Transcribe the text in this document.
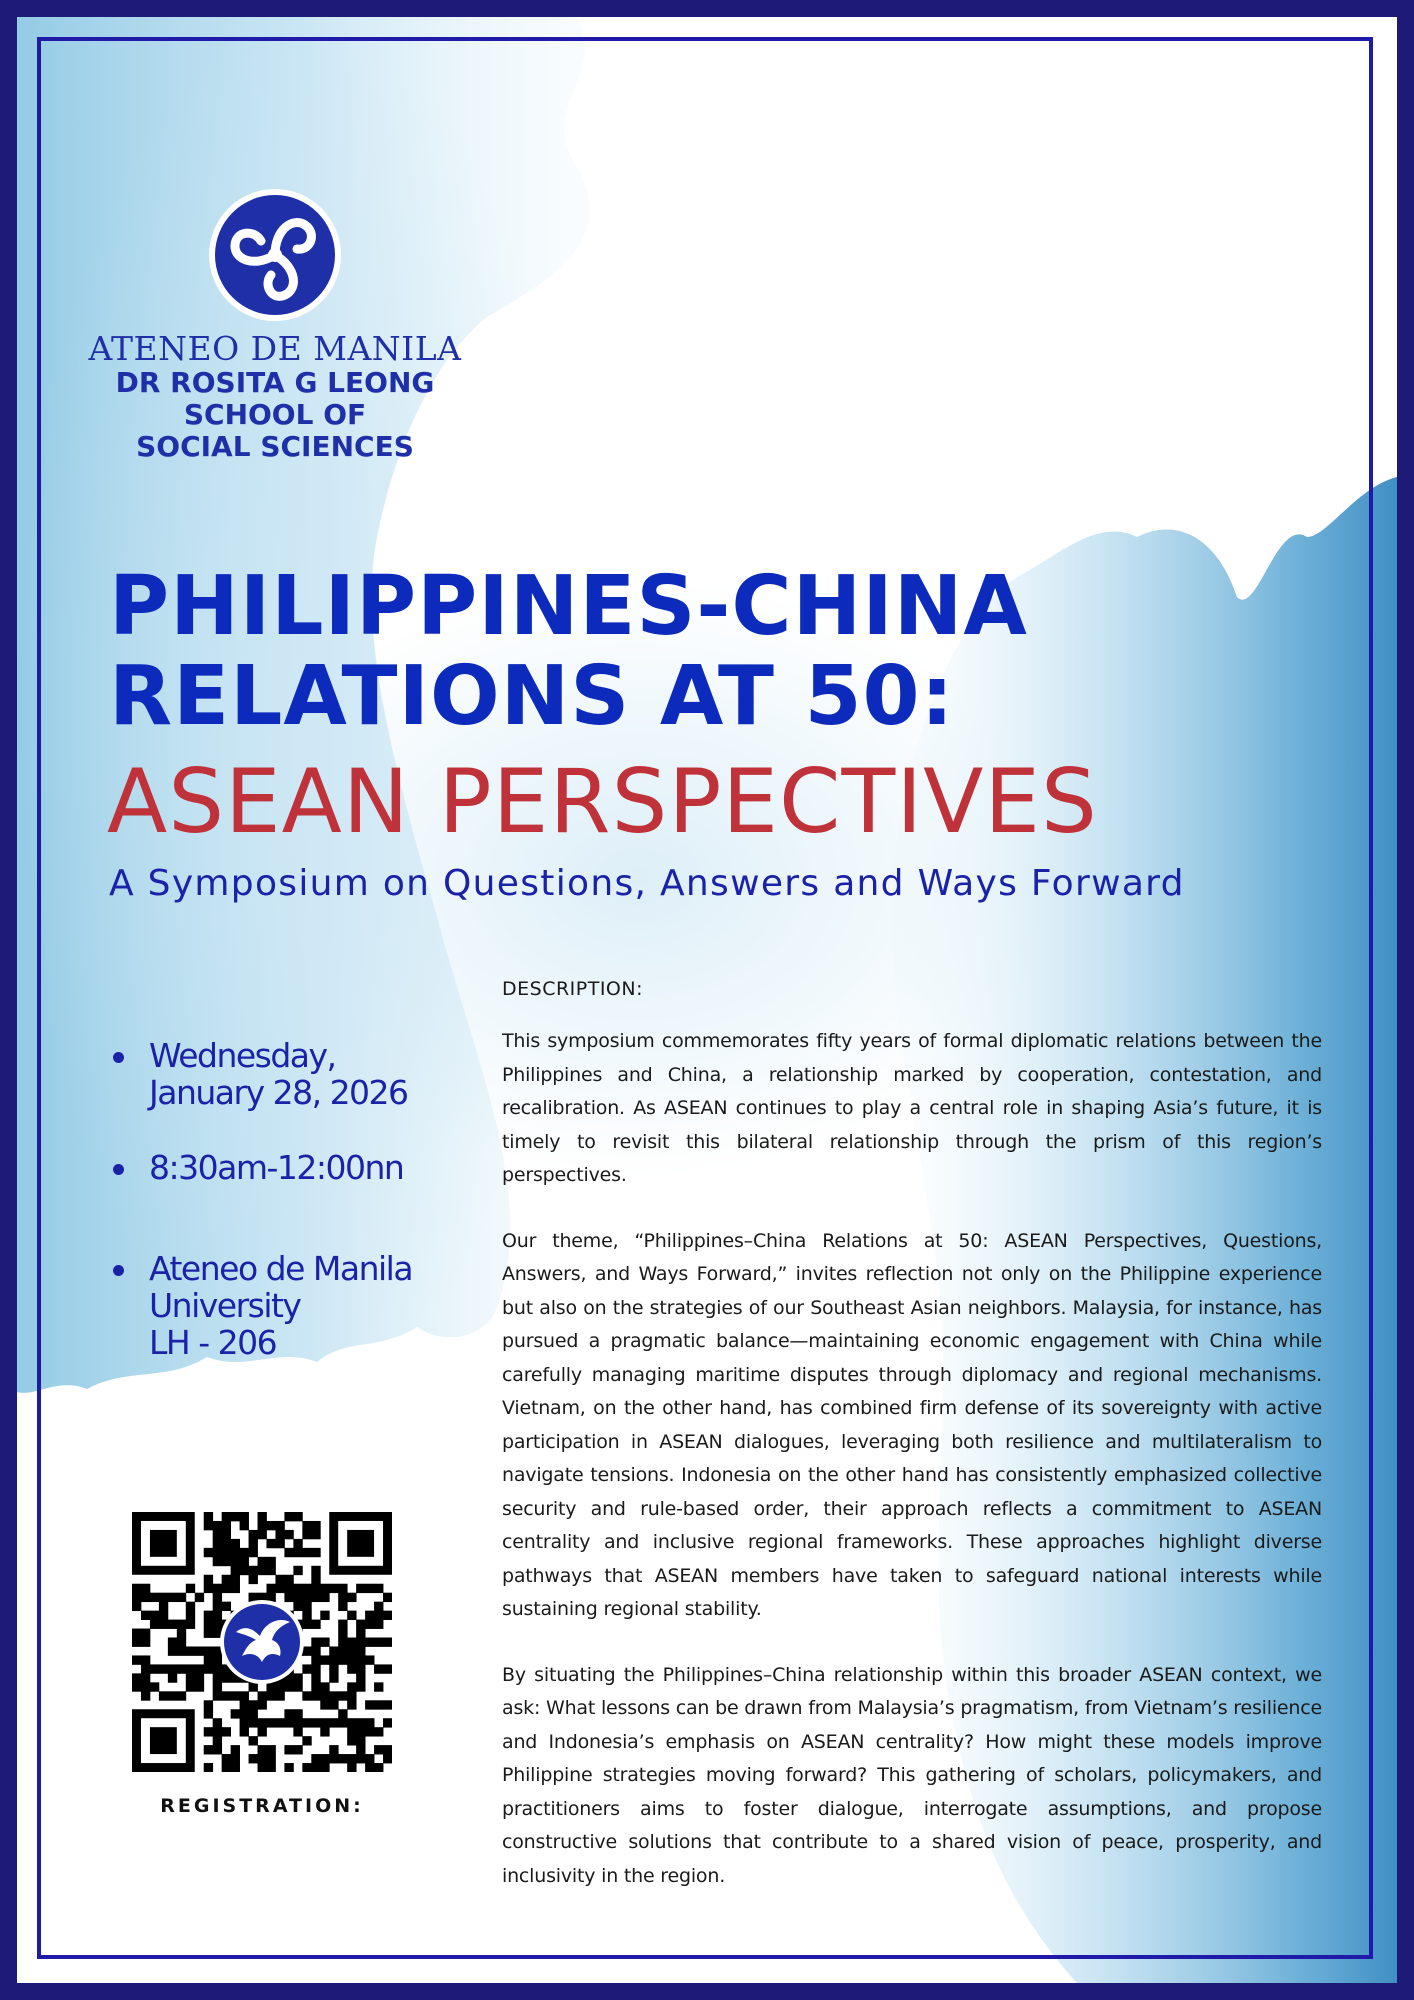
ATENEO DE MANILA
DR ROSITA G LEONG
SCHOOL OF
SOCIAL SCIENCES
PHILIPPINES-CHINA
RELATIONS AT 50:
ASEAN PERSPECTIVES
A Symposium on Questions, Answers and Ways Forward
Wednesday,
January 28, 2026
8:30am-12:00nn
Ateneo de Manila
University
LH - 206
REGISTRATION:
DESCRIPTION:

This symposium commemorates fifty years of formal diplomatic relations between the Philippines and China, a relationship marked by cooperation, contestation, and recalibration. As ASEAN continues to play a central role in shaping Asia’s future, it is timely to revisit this bilateral relationship through the prism of this region’s perspectives.

Our theme, “Philippines–China Relations at 50: ASEAN Perspectives, Questions, Answers, and Ways Forward,” invites reflection not only on the Philippine experience but also on the strategies of our Southeast Asian neighbors. Malaysia, for instance, has pursued a pragmatic balance—maintaining economic engagement with China while carefully managing maritime disputes through diplomacy and regional mechanisms. Vietnam, on the other hand, has combined firm defense of its sovereignty with active participation in ASEAN dialogues, leveraging both resilience and multilateralism to navigate tensions. Indonesia on the other hand has consistently emphasized collective security and rule-based order, their approach reflects a commitment to ASEAN centrality and inclusive regional frameworks. These approaches highlight diverse pathways that ASEAN members have taken to safeguard national interests while sustaining regional stability.

By situating the Philippines–China relationship within this broader ASEAN context, we ask: What lessons can be drawn from Malaysia’s pragmatism, from Vietnam’s resilience and Indonesia’s emphasis on ASEAN centrality? How might these models improve Philippine strategies moving forward? This gathering of scholars, policymakers, and practitioners aims to foster dialogue, interrogate assumptions, and propose constructive solutions that contribute to a shared vision of peace, prosperity, and inclusivity in the region.
